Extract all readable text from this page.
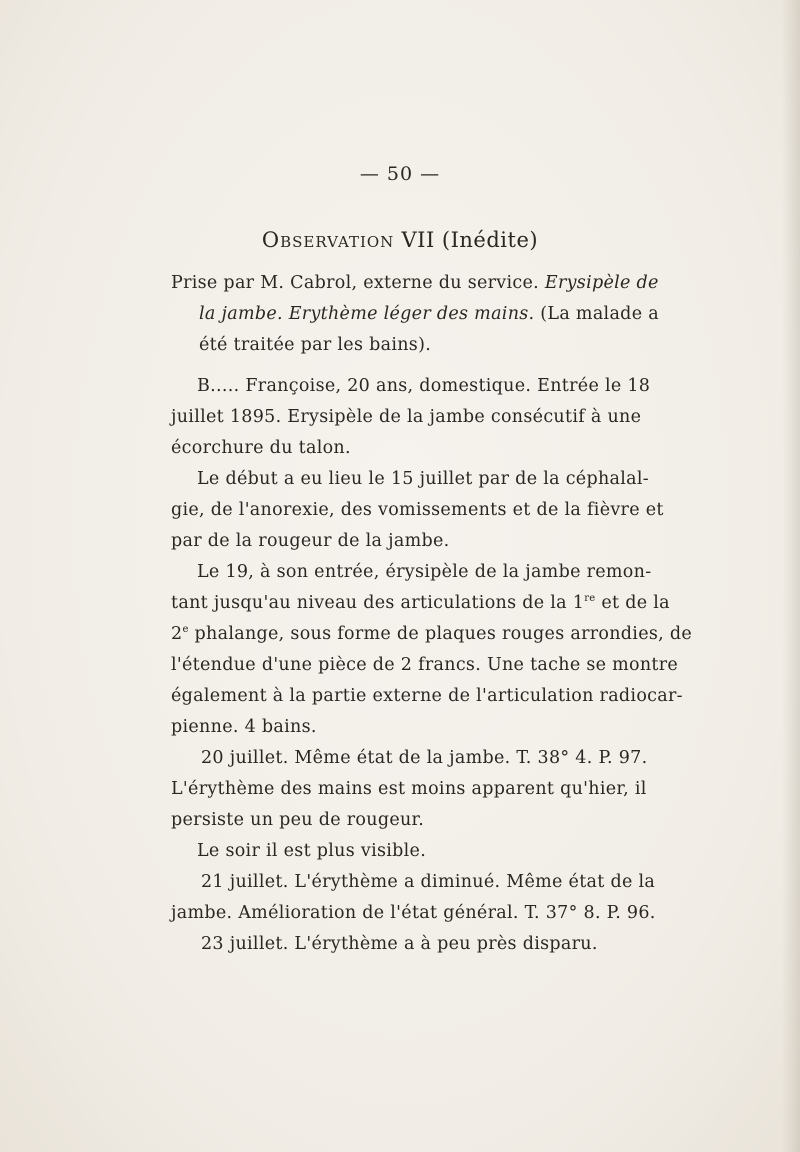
— 50 —
Observation VII (Inédite)
Prise par M. Cabrol, externe du service. Erysipèle de
la jambe. Erythème léger des mains. (La malade a
été traitée par les bains).
B..... Françoise, 20 ans, domestique. Entrée le 18
juillet 1895. Erysipèle de la jambe consécutif à une
écorchure du talon.
Le début a eu lieu le 15 juillet par de la céphalal-
gie, de l'anorexie, des vomissements et de la fièvre et
par de la rougeur de la jambe.
Le 19, à son entrée, érysipèle de la jambe remon-
tant jusqu'au niveau des articulations de la 1re et de la
2e phalange, sous forme de plaques rouges arrondies, de
l'étendue d'une pièce de 2 francs. Une tache se montre
également à la partie externe de l'articulation radiocar-
pienne. 4 bains.
20 juillet. Même état de la jambe. T. 38° 4. P. 97.
L'érythème des mains est moins apparent qu'hier, il
persiste un peu de rougeur.
Le soir il est plus visible.
21 juillet. L'érythème a diminué. Même état de la
jambe. Amélioration de l'état général. T. 37° 8. P. 96.
23 juillet. L'érythème a à peu près disparu.
